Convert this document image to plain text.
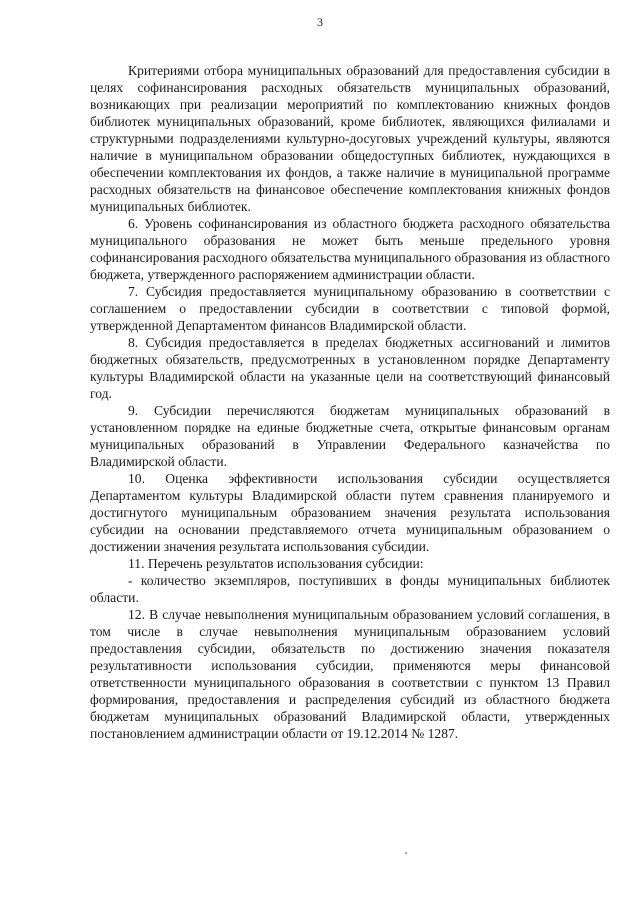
3

Критериями отбора муниципальных образований для предоставления субсидии в целях софинансирования расходных обязательств муниципальных образований, возникающих при реализации мероприятий по комплектованию книжных фондов библиотек муниципальных образований, кроме библиотек, являющихся филиалами и структурными подразделениями культурно-досуговых учреждений культуры, являются наличие в муниципальном образовании общедоступных библиотек, нуждающихся в обеспечении комплектования их фондов, а также наличие в муниципальной программе расходных обязательств на финансовое обеспечение комплектования книжных фондов муниципальных библиотек.

6. Уровень софинансирования из областного бюджета расходного обязательства муниципального образования не может быть меньше предельного уровня софинансирования расходного обязательства муниципального образования из областного бюджета, утвержденного распоряжением администрации области.

7. Субсидия предоставляется муниципальному образованию в соответствии с соглашением о предоставлении субсидии в соответствии с типовой формой, утвержденной Департаментом финансов Владимирской области.

8. Субсидия предоставляется в пределах бюджетных ассигнований и лимитов бюджетных обязательств, предусмотренных в установленном порядке Департаменту культуры Владимирской области на указанные цели на соответствующий финансовый год.

9. Субсидии перечисляются бюджетам муниципальных образований в установленном порядке на единые бюджетные счета, открытые финансовым органам муниципальных образований в Управлении Федерального казначейства по Владимирской области.

10. Оценка эффективности использования субсидии осуществляется Департаментом культуры Владимирской области путем сравнения планируемого и достигнутого муниципальным образованием значения результата использования субсидии на основании представляемого отчета муниципальным образованием о достижении значения результата использования субсидии.

11. Перечень результатов использования субсидии:

- количество экземпляров, поступивших в фонды муниципальных библиотек области.

12. В случае невыполнения муниципальным образованием условий соглашения, в том числе в случае невыполнения муниципальным образованием условий предоставления субсидии, обязательств по достижению значения показателя результативности использования субсидии, применяются меры финансовой ответственности муниципального образования в соответствии с пунктом 13 Правил формирования, предоставления и распределения субсидий из областного бюджета бюджетам муниципальных образований Владимирской области, утвержденных постановлением администрации области от 19.12.2014 № 1287.
